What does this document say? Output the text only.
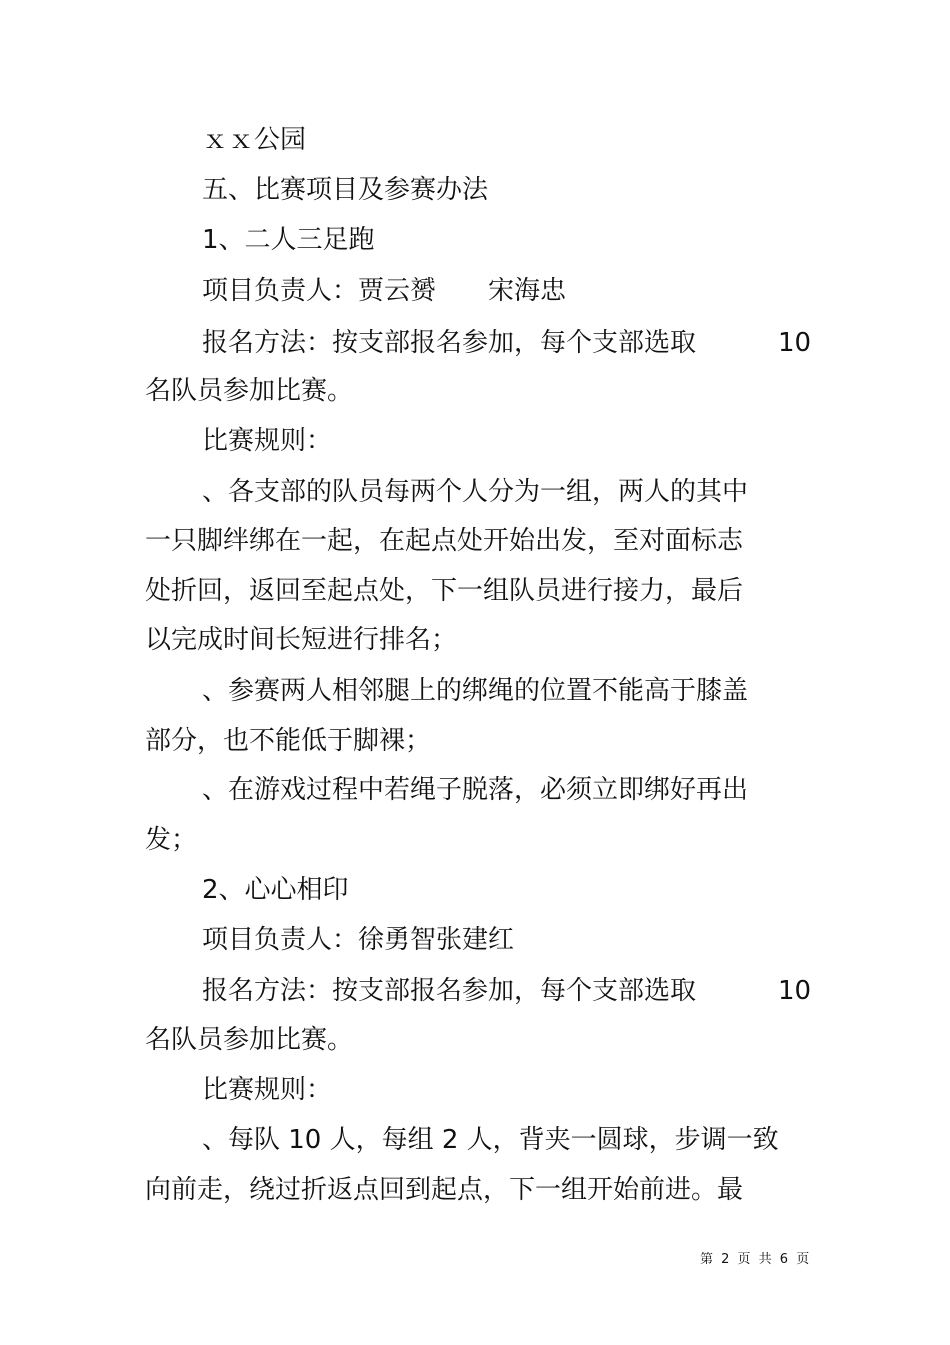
ｘｘ公园
五、比赛项目及参赛办法
1、二人三足跑
项目负责人：贾云赟　　宋海忠
报名方法：按支部报名参加，每个支部选取	10
名队员参加比赛。
比赛规则：
、各支部的队员每两个人分为一组，两人的其中
一只脚绊绑在一起，在起点处开始出发，至对面标志
处折回，返回至起点处，下一组队员进行接力，最后
以完成时间长短进行排名；
、参赛两人相邻腿上的绑绳的位置不能高于膝盖
部分，也不能低于脚裸；
、在游戏过程中若绳子脱落，必须立即绑好再出
发；
2、心心相印
项目负责人：徐勇智张建红
报名方法：按支部报名参加，每个支部选取	10
名队员参加比赛。
比赛规则：
、每队 10 人，每组 2 人，背夹一圆球，步调一致
向前走，绕过折返点回到起点，下一组开始前进。最
第 2 页 共 6 页
